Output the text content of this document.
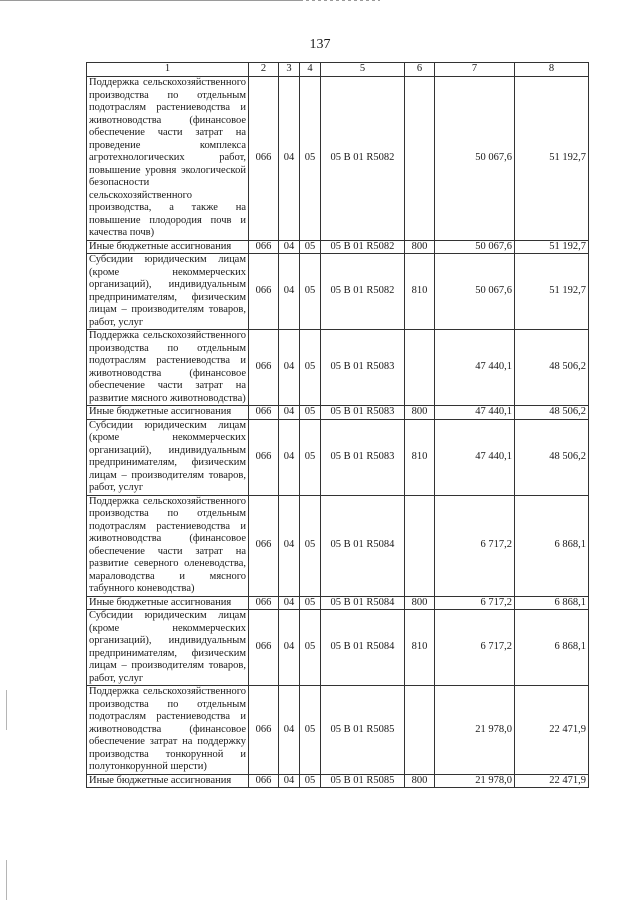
137
1	2	3	4	5	6	7	8
Поддержка сельскохозяйственного производства по отдельным подотраслям растениеводства и животноводства (финансовое обеспечение части затрат на проведение комплекса агротехнологических работ, повышение уровня экологической безопасности сельскохозяйственного производства, а также на повышение плодородия почв и качества почв)	066	04	05	05 В 01 R5082		50 067,6	51 192,7
Иные бюджетные ассигнования	066	04	05	05 В 01 R5082	800	50 067,6	51 192,7
Субсидии юридическим лицам (кроме некоммерческих организаций), индивидуальным предпринимателям, физическим лицам – производителям товаров, работ, услуг	066	04	05	05 В 01 R5082	810	50 067,6	51 192,7
Поддержка сельскохозяйственного производства по отдельным подотраслям растениеводства и животноводства (финансовое обеспечение части затрат на развитие мясного животноводства)	066	04	05	05 В 01 R5083		47 440,1	48 506,2
Иные бюджетные ассигнования	066	04	05	05 В 01 R5083	800	47 440,1	48 506,2
Субсидии юридическим лицам (кроме некоммерческих организаций), индивидуальным предпринимателям, физическим лицам – производителям товаров, работ, услуг	066	04	05	05 В 01 R5083	810	47 440,1	48 506,2
Поддержка сельскохозяйственного производства по отдельным подотраслям растениеводства и животноводства (финансовое обеспечение части затрат на развитие северного оленеводства, мараловодства и мясного табунного коневодства)	066	04	05	05 В 01 R5084		6 717,2	6 868,1
Иные бюджетные ассигнования	066	04	05	05 В 01 R5084	800	6 717,2	6 868,1
Субсидии юридическим лицам (кроме некоммерческих организаций), индивидуальным предпринимателям, физическим лицам – производителям товаров, работ, услуг	066	04	05	05 В 01 R5084	810	6 717,2	6 868,1
Поддержка сельскохозяйственного производства по отдельным подотраслям растениеводства и животноводства (финансовое обеспечение затрат на поддержку производства тонкорунной и полутонкорунной шерсти)	066	04	05	05 В 01 R5085		21 978,0	22 471,9
Иные бюджетные ассигнования	066	04	05	05 В 01 R5085	800	21 978,0	22 471,9
